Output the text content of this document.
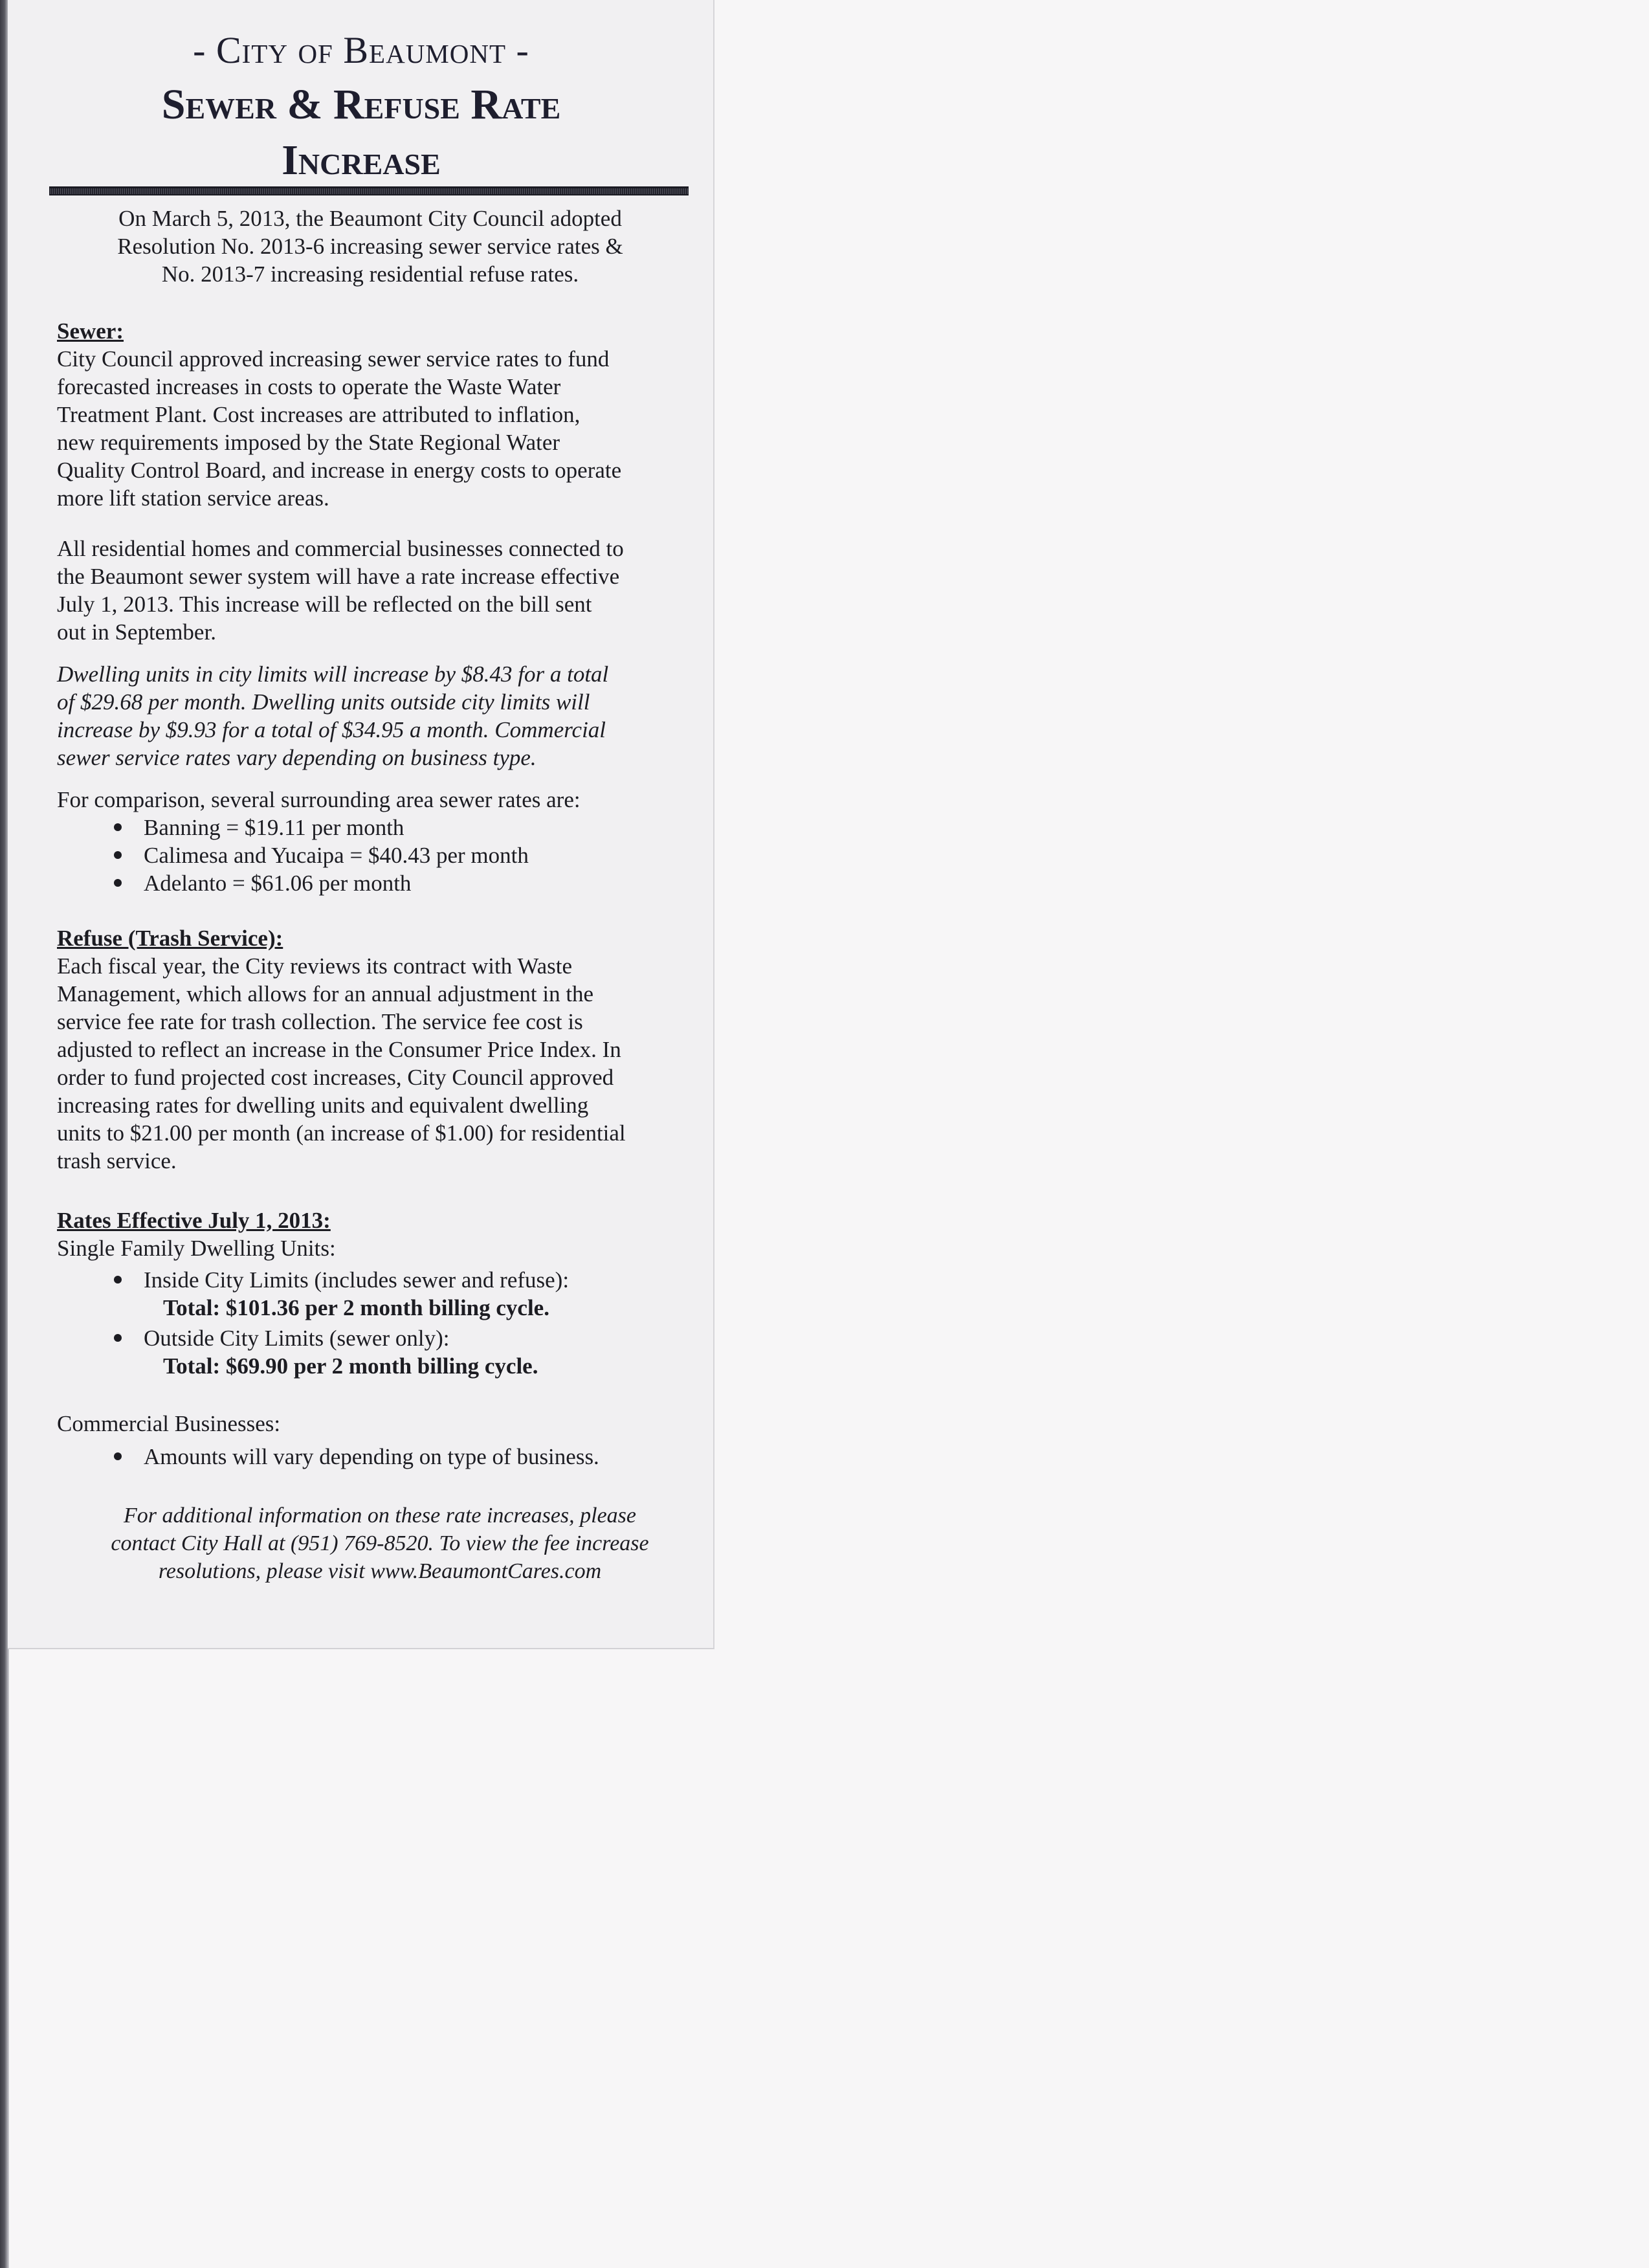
- City of Beaumont -
Sewer & Refuse Rate
Increase
On March 5, 2013, the Beaumont City Council adopted
Resolution No. 2013-6 increasing sewer service rates &
No. 2013-7 increasing residential refuse rates.
Sewer:
City Council approved increasing sewer service rates to fund
forecasted increases in costs to operate the Waste Water
Treatment Plant. Cost increases are attributed to inflation,
new requirements imposed by the State Regional Water
Quality Control Board, and increase in energy costs to operate
more lift station service areas.
All residential homes and commercial businesses connected to
the Beaumont sewer system will have a rate increase effective
July 1, 2013. This increase will be reflected on the bill sent
out in September.
Dwelling units in city limits will increase by $8.43 for a total
of $29.68 per month. Dwelling units outside city limits will
increase by $9.93 for a total of $34.95 a month. Commercial
sewer service rates vary depending on business type.
For comparison, several surrounding area sewer rates are:
Banning = $19.11 per month
Calimesa and Yucaipa = $40.43 per month
Adelanto = $61.06 per month
Refuse (Trash Service):
Each fiscal year, the City reviews its contract with Waste
Management, which allows for an annual adjustment in the
service fee rate for trash collection. The service fee cost is
adjusted to reflect an increase in the Consumer Price Index. In
order to fund projected cost increases, City Council approved
increasing rates for dwelling units and equivalent dwelling
units to $21.00 per month (an increase of $1.00) for residential
trash service.
Rates Effective July 1, 2013:
Single Family Dwelling Units:
Inside City Limits (includes sewer and refuse):
Total: $101.36 per 2 month billing cycle.
Outside City Limits (sewer only):
Total: $69.90 per 2 month billing cycle.
Commercial Businesses:
Amounts will vary depending on type of business.
For additional information on these rate increases, please
contact City Hall at (951) 769-8520. To view the fee increase
resolutions, please visit www.BeaumontCares.com
